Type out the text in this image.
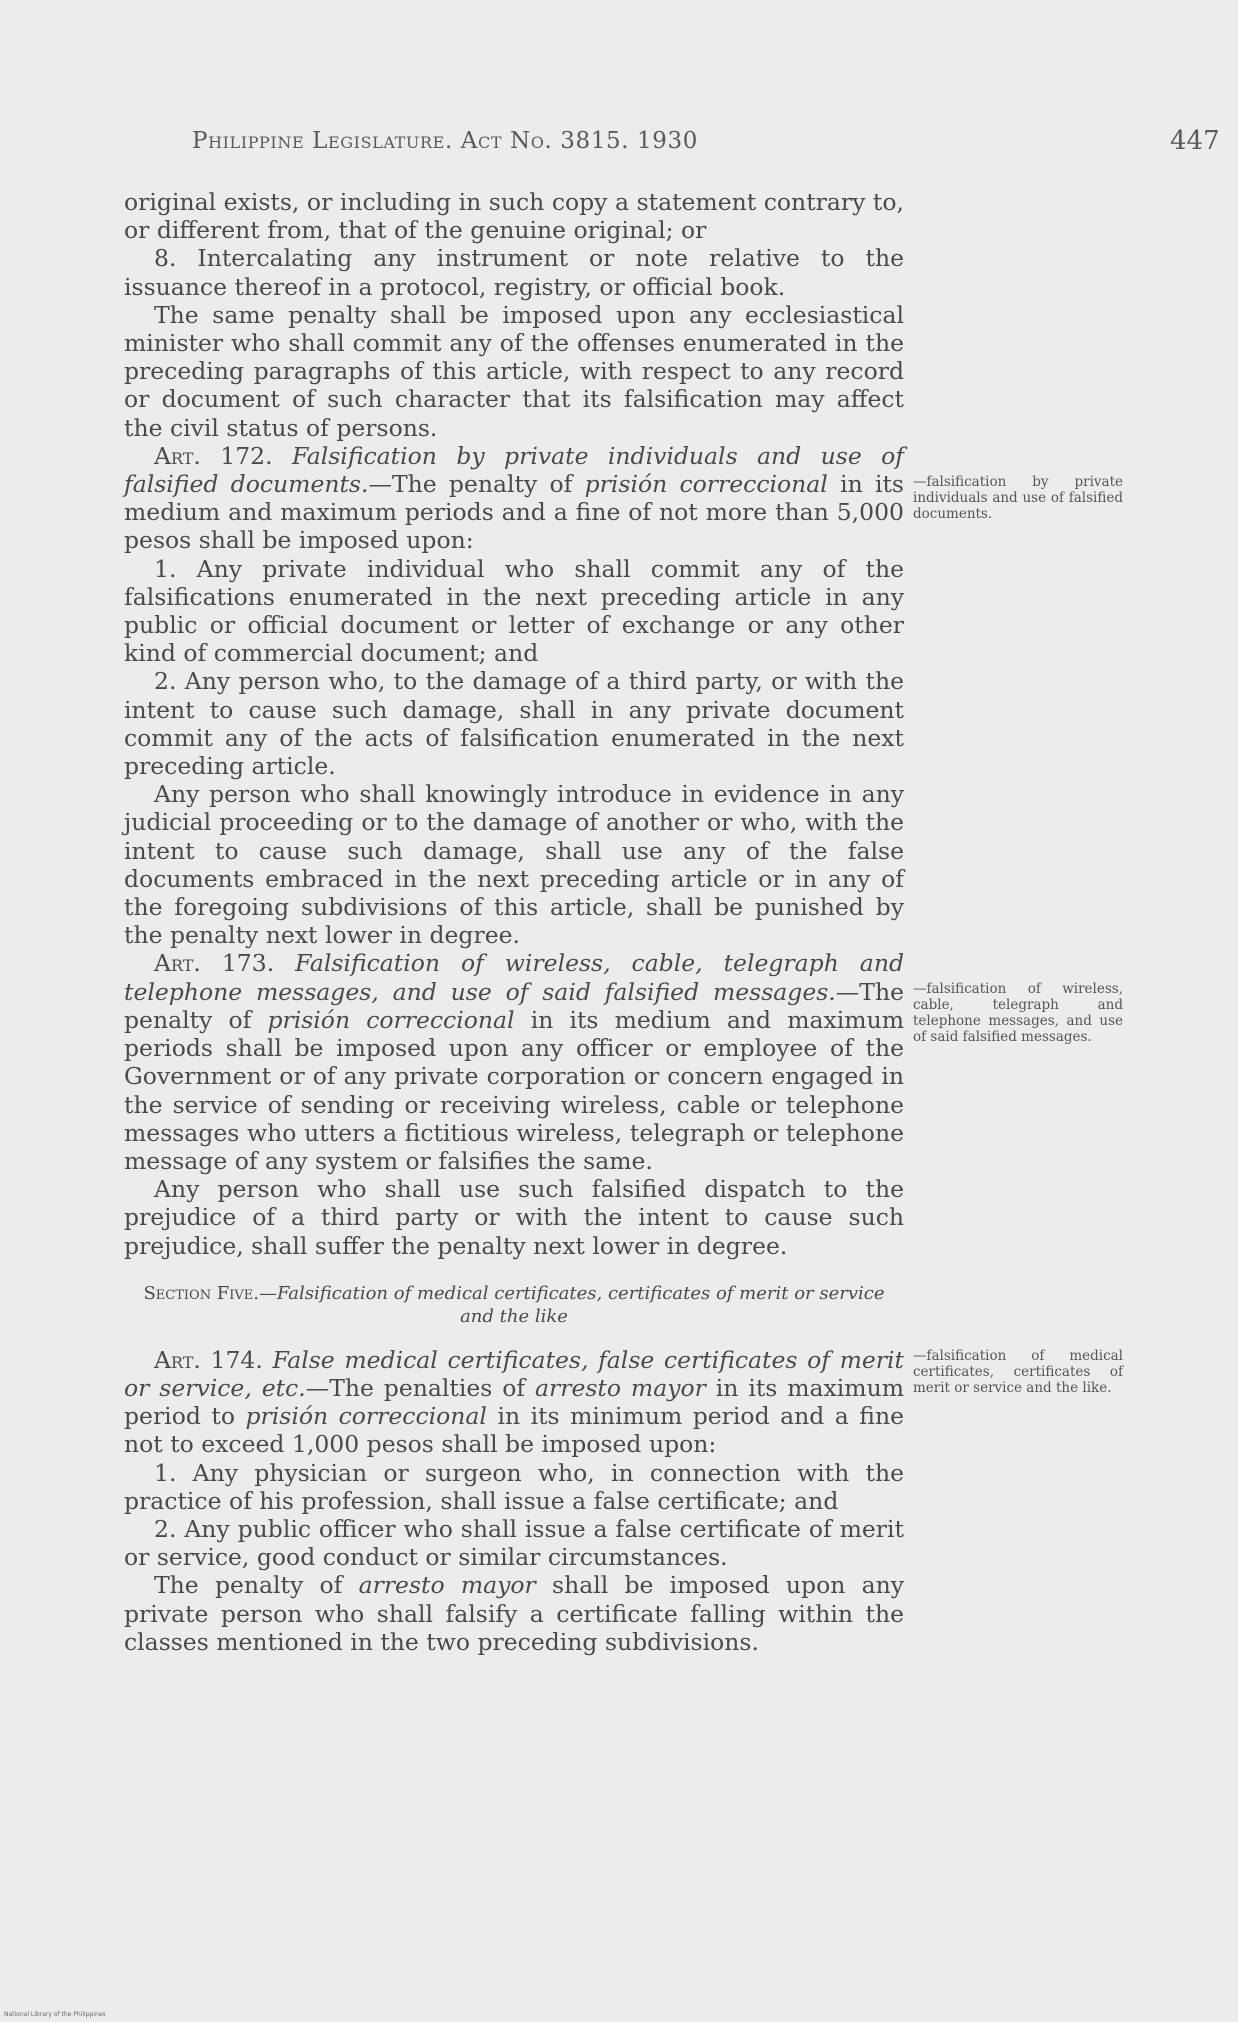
Philippine Legislature. Act No. 3815. 1930	447

original exists, or including in such copy a statement contrary to, or different from, that of the genuine original; or

8. Intercalating any instrument or note relative to the issuance thereof in a protocol, registry, or official book.

The same penalty shall be imposed upon any ecclesiastical minister who shall commit any of the offenses enumerated in the preceding paragraphs of this article, with respect to any record or document of such character that its falsification may affect the civil status of persons.

Art. 172. Falsification by private individuals and use of falsified documents.—The penalty of prisión correccional in its medium and maximum periods and a fine of not more than 5,000 pesos shall be imposed upon:

1. Any private individual who shall commit any of the falsifications enumerated in the next preceding article in any public or official document or letter of exchange or any other kind of commercial document; and

2. Any person who, to the damage of a third party, or with the intent to cause such damage, shall in any private document commit any of the acts of falsification enumerated in the next preceding article.

Any person who shall knowingly introduce in evidence in any judicial proceeding or to the damage of another or who, with the intent to cause such damage, shall use any of the false documents embraced in the next preceding article or in any of the foregoing subdivisions of this article, shall be punished by the penalty next lower in degree.

Art. 173. Falsification of wireless, cable, telegraph and telephone messages, and use of said falsified messages.—The penalty of prisión correccional in its medium and maximum periods shall be imposed upon any officer or employee of the Government or of any private corporation or concern engaged in the service of sending or receiving wireless, cable or telephone messages who utters a fictitious wireless, telegraph or telephone message of any system or falsifies the same.

Any person who shall use such falsified dispatch to the prejudice of a third party or with the intent to cause such prejudice, shall suffer the penalty next lower in degree.

Section Five.—Falsification of medical certificates, certificates of merit or service and the like

Art. 174. False medical certificates, false certificates of merit or service, etc.—The penalties of arresto mayor in its maximum period to prisión correccional in its minimum period and a fine not to exceed 1,000 pesos shall be imposed upon:

1. Any physician or surgeon who, in connection with the practice of his profession, shall issue a false certificate; and

2. Any public officer who shall issue a false certificate of merit or service, good conduct or similar circumstances.

The penalty of arresto mayor shall be imposed upon any private person who shall falsify a certificate falling within the classes mentioned in the two preceding subdivisions.

—falsification by private individuals and use of falsified documents.
—falsification of wireless, cable, telegraph and telephone messages, and use of said falsified messages.
—falsification of medical certificates, certificates of merit or service and the like.
National Library of the Philippines
